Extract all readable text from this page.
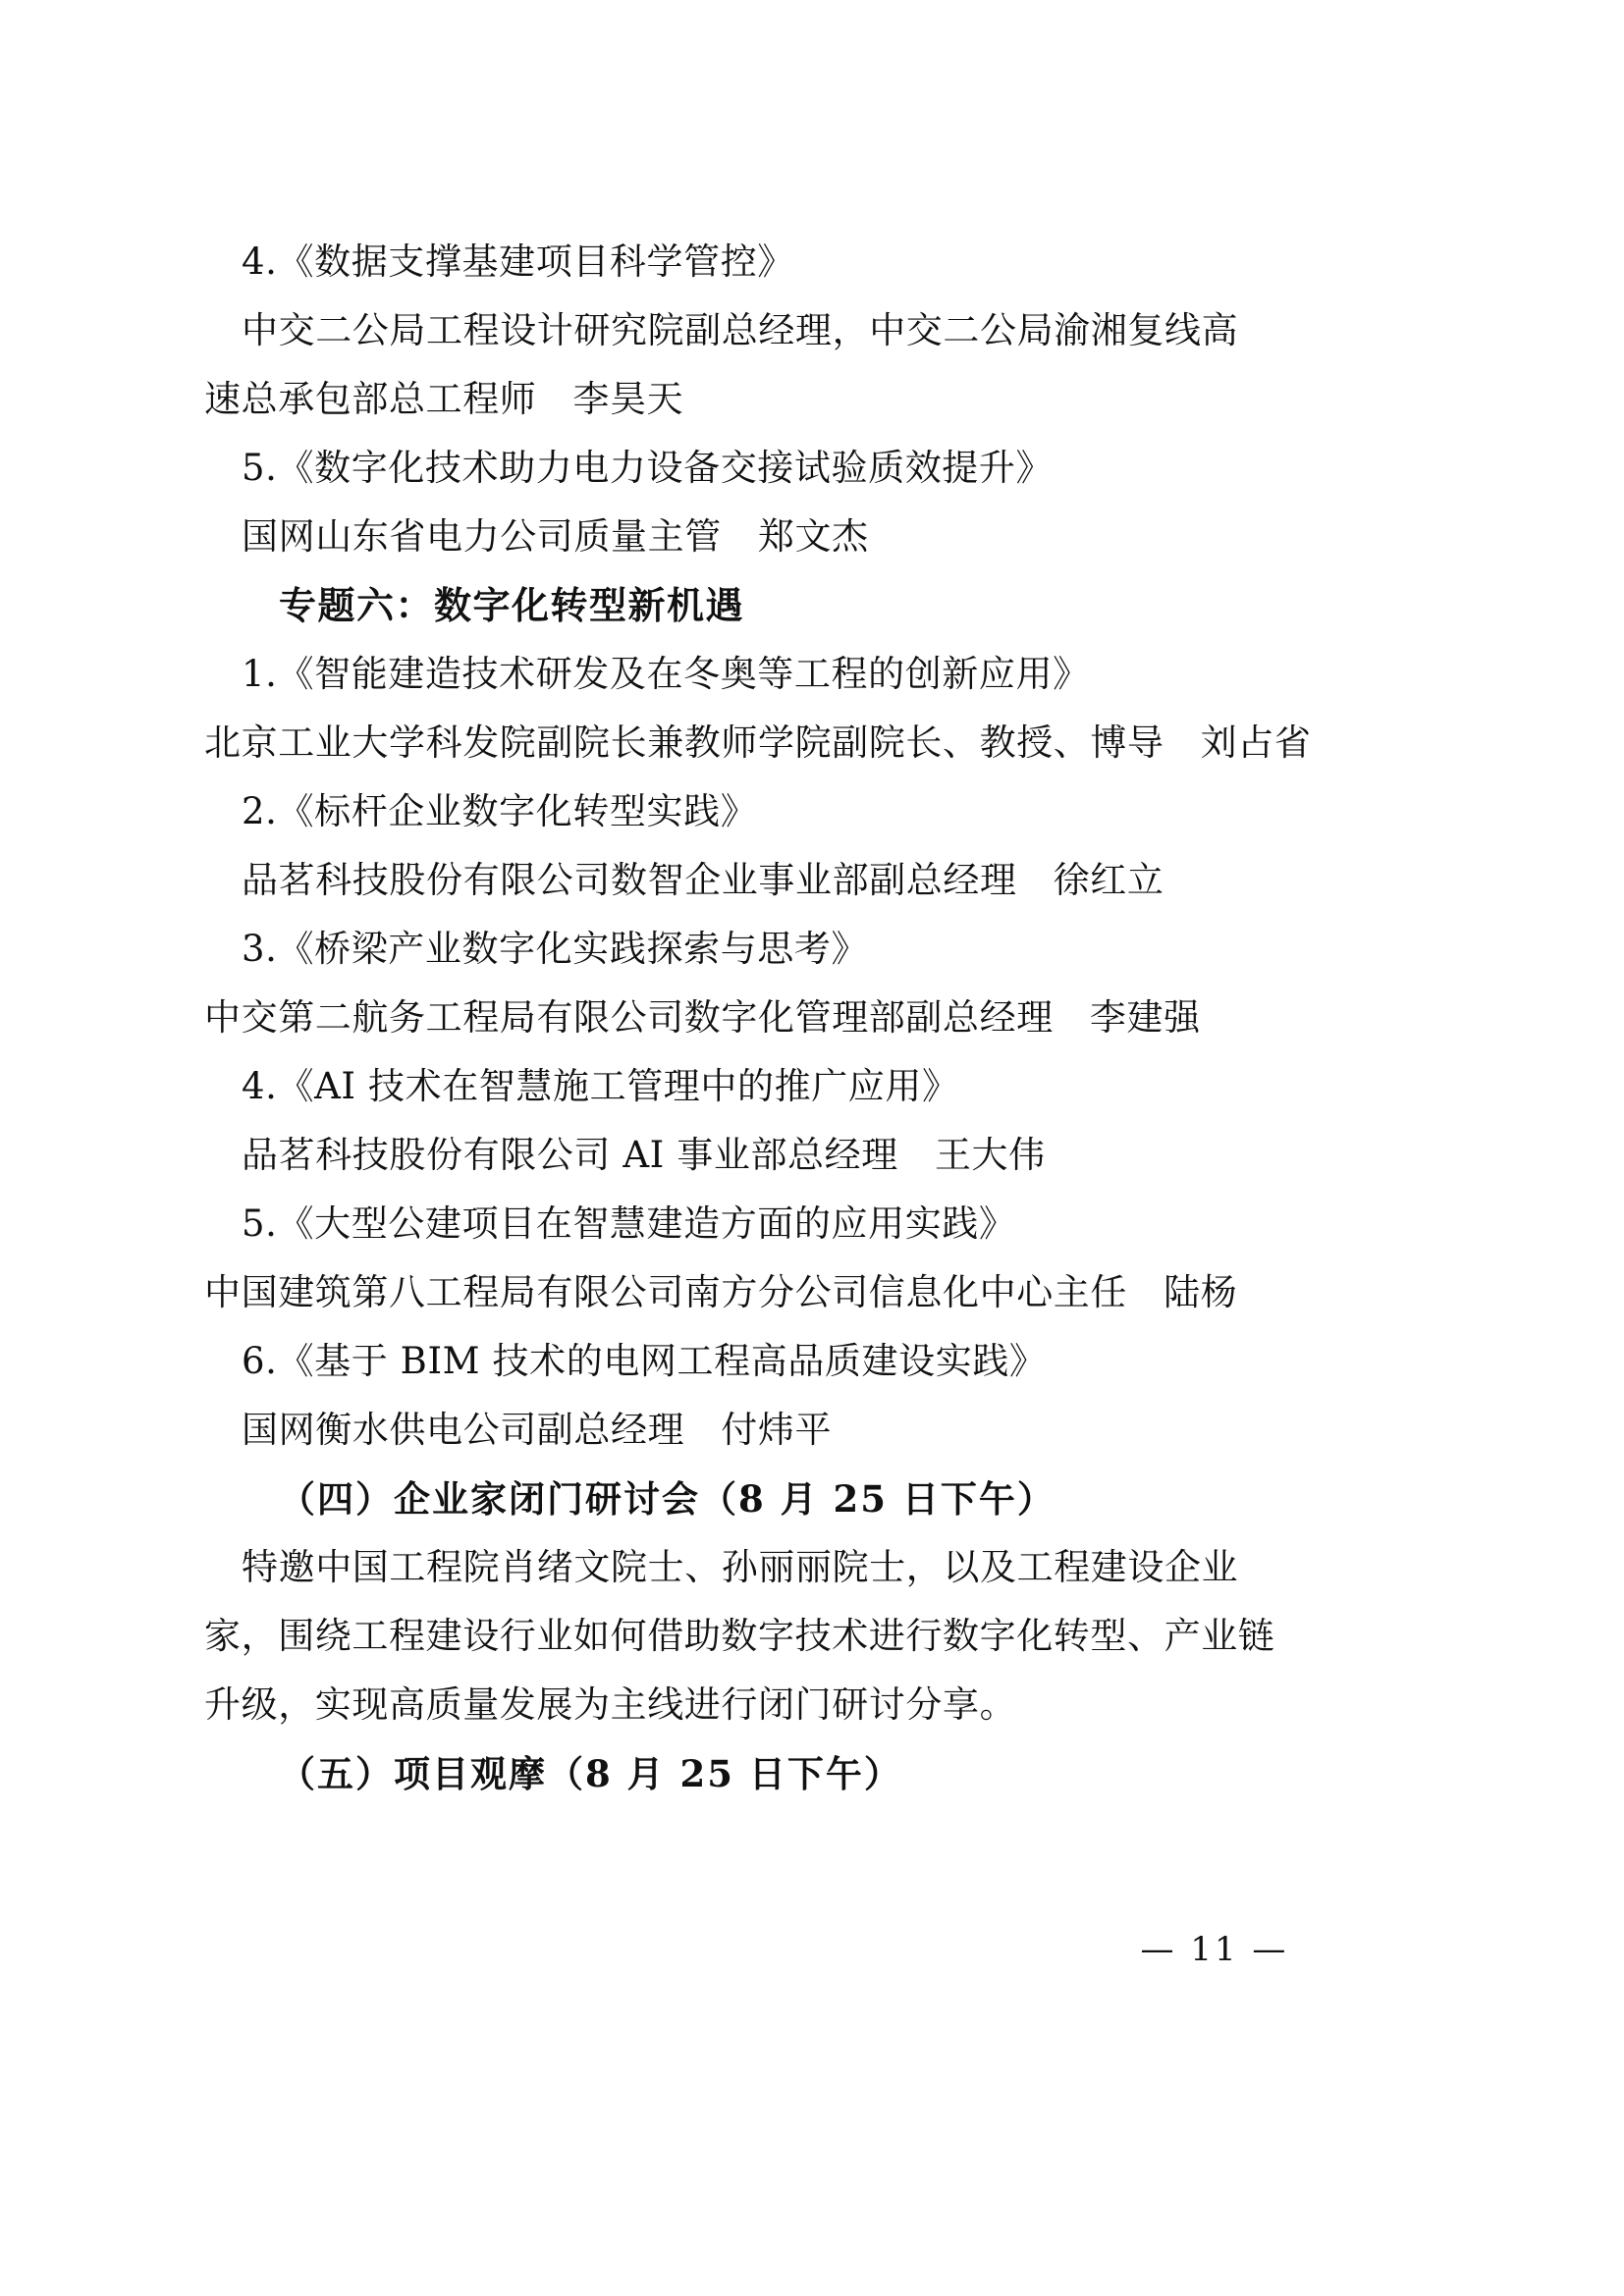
4.《数据支撑基建项目科学管控》
中交二公局工程设计研究院副总经理，中交二公局渝湘复线高
速总承包部总工程师   李昊天
5.《数字化技术助力电力设备交接试验质效提升》
国网山东省电力公司质量主管   郑文杰
专题六：数字化转型新机遇
1.《智能建造技术研发及在冬奥等工程的创新应用》
北京工业大学科发院副院长兼教师学院副院长、教授、博导   刘占省
2.《标杆企业数字化转型实践》
品茗科技股份有限公司数智企业事业部副总经理   徐红立
3.《桥梁产业数字化实践探索与思考》
中交第二航务工程局有限公司数字化管理部副总经理   李建强
4.《AI 技术在智慧施工管理中的推广应用》
品茗科技股份有限公司 AI 事业部总经理   王大伟
5.《大型公建项目在智慧建造方面的应用实践》
中国建筑第八工程局有限公司南方分公司信息化中心主任   陆杨
6.《基于 BIM 技术的电网工程高品质建设实践》
国网衡水供电公司副总经理   付炜平
（四）企业家闭门研讨会（8 月 25 日下午）
特邀中国工程院肖绪文院士、孙丽丽院士，以及工程建设企业
家，围绕工程建设行业如何借助数字技术进行数字化转型、产业链
升级，实现高质量发展为主线进行闭门研讨分享。
（五）项目观摩（8 月 25 日下午）
— 11 —
